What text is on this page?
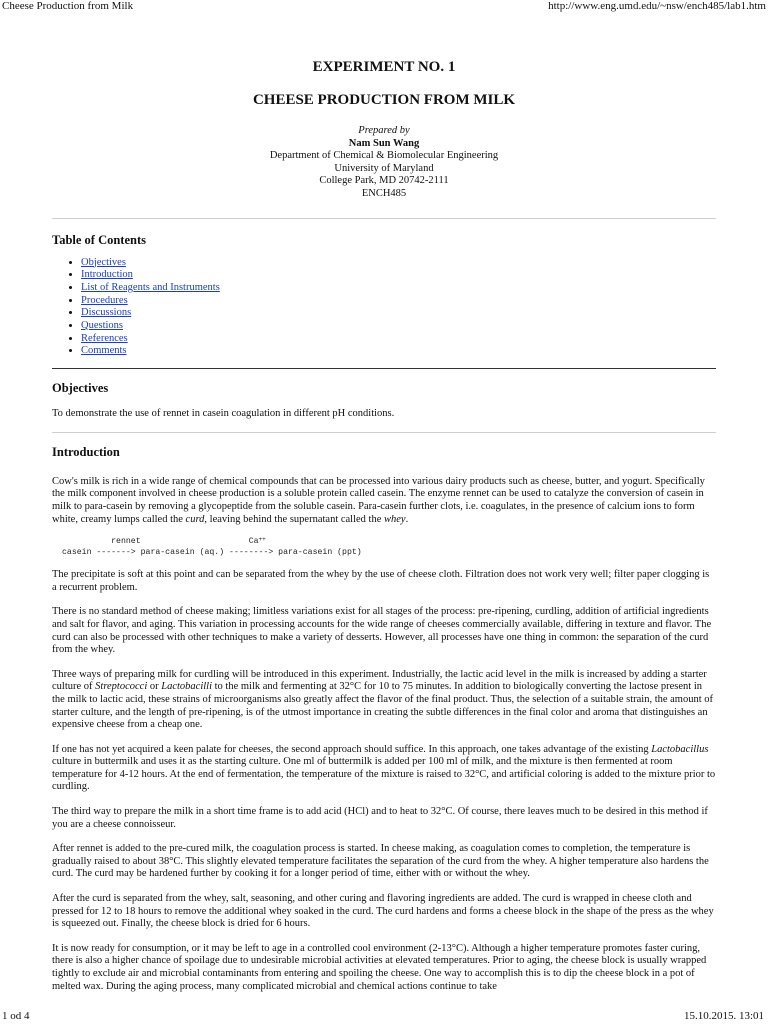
Cheese Production from Milk	http://www.eng.umd.edu/~nsw/ench485/lab1.htm
EXPERIMENT NO. 1
CHEESE PRODUCTION FROM MILK
Prepared by
Nam Sun Wang
Department of Chemical & Biomolecular Engineering
University of Maryland
College Park, MD 20742-2111
ENCH485
Table of Contents
• Objectives
• Introduction
• List of Reagents and Instruments
• Procedures
• Discussions
• Questions
• References
• Comments
Objectives

To demonstrate the use of rennet in casein coagulation in different pH conditions.

Introduction

Cow's milk is rich in a wide range of chemical compounds that can be processed into various dairy products such as cheese, butter, and yogurt. Specifically the milk component involved in cheese production is a soluble protein called casein. The enzyme rennet can be used to catalyze the conversion of casein in milk to para-casein by removing a glycopeptide from the soluble casein. Para-casein further clots, i.e. coagulates, in the presence of calcium ions to form white, creamy lumps called the curd, leaving behind the supernatant called the whey.

rennet                      Ca++
casein -------> para-casein (aq.) --------> para-casein (ppt)

The precipitate is soft at this point and can be separated from the whey by the use of cheese cloth. Filtration does not work very well; filter paper clogging is a recurrent problem.

There is no standard method of cheese making; limitless variations exist for all stages of the process: pre-ripening, curdling, addition of artificial ingredients and salt for flavor, and aging. This variation in processing accounts for the wide range of cheeses commercially available, differing in texture and flavor. The curd can also be processed with other techniques to make a variety of desserts. However, all processes have one thing in common: the separation of the curd from the whey.

Three ways of preparing milk for curdling will be introduced in this experiment. Industrially, the lactic acid level in the milk is increased by adding a starter culture of Streptococci or Lactobacilli to the milk and fermenting at 32°C for 10 to 75 minutes. In addition to biologically converting the lactose present in the milk to lactic acid, these strains of microorganisms also greatly affect the flavor of the final product. Thus, the selection of a suitable strain, the amount of starter culture, and the length of pre-ripening, is of the utmost importance in creating the subtle differences in the final color and aroma that distinguishes an expensive cheese from a cheap one.

If one has not yet acquired a keen palate for cheeses, the second approach should suffice. In this approach, one takes advantage of the existing Lactobacillus culture in buttermilk and uses it as the starting culture. One ml of buttermilk is added per 100 ml of milk, and the mixture is then fermented at room temperature for 4-12 hours. At the end of fermentation, the temperature of the mixture is raised to 32°C, and artificial coloring is added to the mixture prior to curdling.

The third way to prepare the milk in a short time frame is to add acid (HCl) and to heat to 32°C. Of course, there leaves much to be desired in this method if you are a cheese connoisseur.

After rennet is added to the pre-cured milk, the coagulation process is started. In cheese making, as coagulation comes to completion, the temperature is gradually raised to about 38°C. This slightly elevated temperature facilitates the separation of the curd from the whey. A higher temperature also hardens the curd. The curd may be hardened further by cooking it for a longer period of time, either with or without the whey.

After the curd is separated from the whey, salt, seasoning, and other curing and flavoring ingredients are added. The curd is wrapped in cheese cloth and pressed for 12 to 18 hours to remove the additional whey soaked in the curd. The curd hardens and forms a cheese block in the shape of the press as the whey is squeezed out. Finally, the cheese block is dried for 6 hours.

It is now ready for consumption, or it may be left to age in a controlled cool environment (2-13°C). Although a higher temperature promotes faster curing, there is also a higher chance of spoilage due to undesirable microbial activities at elevated temperatures. Prior to aging, the cheese block is usually wrapped tightly to exclude air and microbial contaminants from entering and spoiling the cheese. One way to accomplish this is to dip the cheese block in a pot of melted wax. During the aging process, many complicated microbial and chemical actions continue to take

1 od 4	15.10.2015. 13:01
